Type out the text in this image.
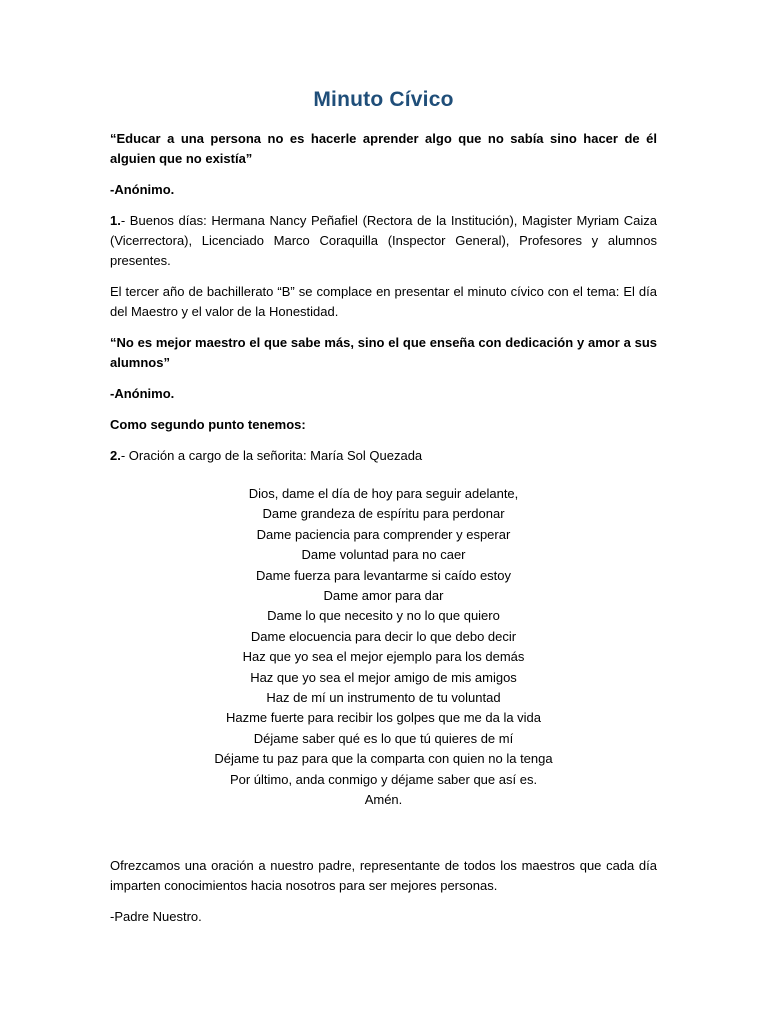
Minuto Cívico

“Educar a una persona no es hacerle aprender algo que no sabía sino hacer de él alguien que no existía”

-Anónimo.

1.- Buenos días: Hermana Nancy Peñafiel (Rectora de la Institución), Magister Myriam Caiza (Vicerrectora), Licenciado Marco Coraquilla (Inspector General), Profesores y alumnos presentes.

El tercer año de bachillerato “B” se complace en presentar el minuto cívico con el tema: El día del Maestro y el valor de la Honestidad.

“No es mejor maestro el que sabe más, sino el que enseña con dedicación y amor a sus alumnos”

-Anónimo.

Como segundo punto tenemos:

2.- Oración a cargo de la señorita: María Sol Quezada

Dios, dame el día de hoy para seguir adelante,
Dame grandeza de espíritu para perdonar
Dame paciencia para comprender y esperar
Dame voluntad para no caer
Dame fuerza para levantarme si caído estoy
Dame amor para dar
Dame lo que necesito y no lo que quiero
Dame elocuencia para decir lo que debo decir
Haz que yo sea el mejor ejemplo para los demás
Haz que yo sea el mejor amigo de mis amigos
Haz de mí un instrumento de tu voluntad
Hazme fuerte para recibir los golpes que me da la vida
Déjame saber qué es lo que tú quieres de mí
Déjame tu paz para que la comparta con quien no la tenga
Por último, anda conmigo y déjame saber que así es.
Amén.

Ofrezcamos una oración a nuestro padre, representante de todos los maestros que cada día imparten conocimientos hacia nosotros para ser mejores personas.

-Padre Nuestro.
